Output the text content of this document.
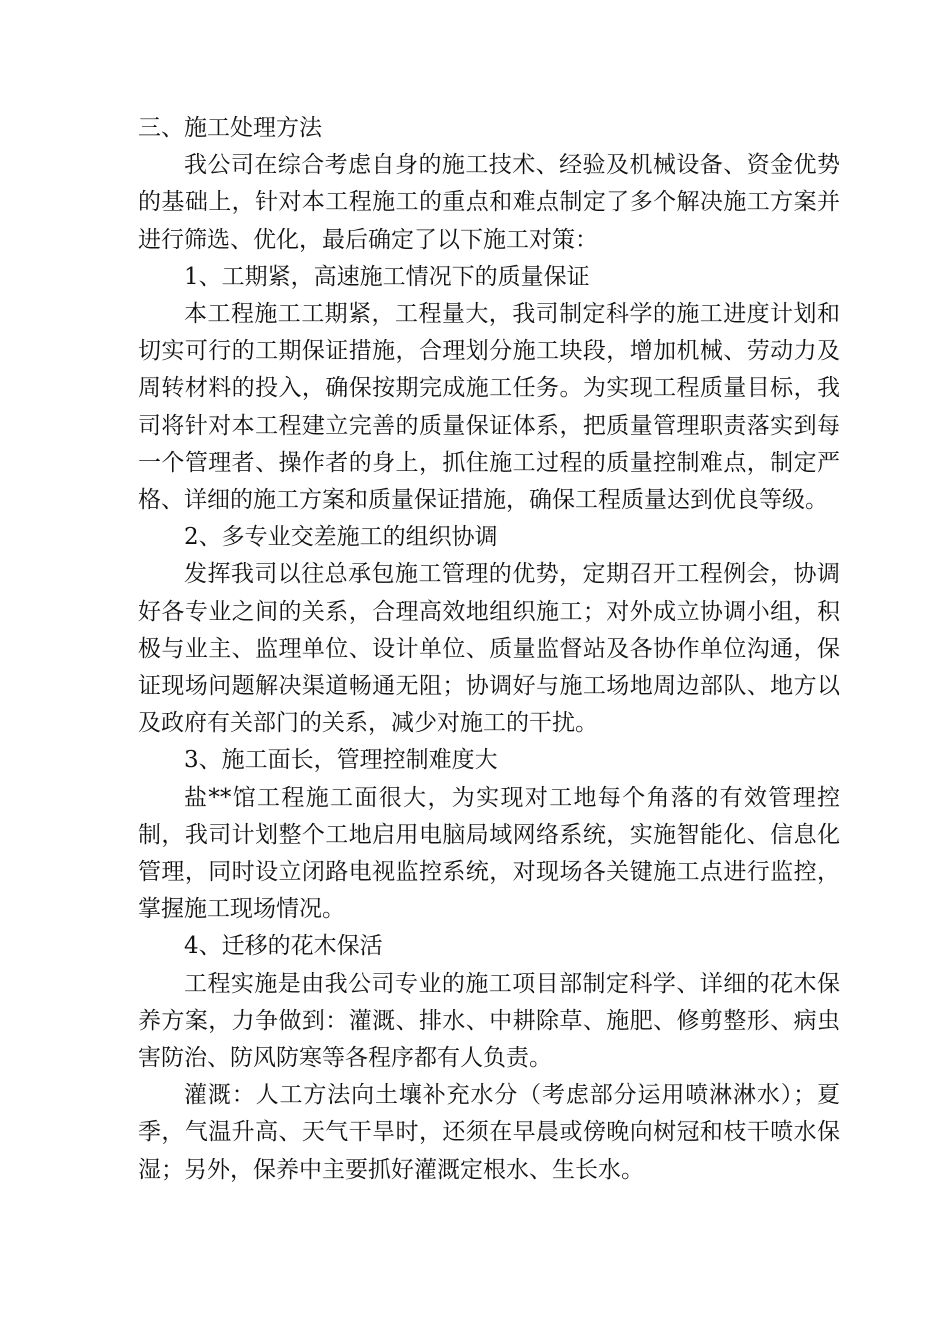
三、施工处理方法

我公司在综合考虑自身的施工技术、经验及机械设备、资金优势的基础上，针对本工程施工的重点和难点制定了多个解决施工方案并进行筛选、优化，最后确定了以下施工对策：

1、工期紧，高速施工情况下的质量保证

本工程施工工期紧，工程量大，我司制定科学的施工进度计划和切实可行的工期保证措施，合理划分施工块段，增加机械、劳动力及周转材料的投入，确保按期完成施工任务。为实现工程质量目标，我司将针对本工程建立完善的质量保证体系，把质量管理职责落实到每一个管理者、操作者的身上，抓住施工过程的质量控制难点，制定严格、详细的施工方案和质量保证措施，确保工程质量达到优良等级。

2、多专业交差施工的组织协调

发挥我司以往总承包施工管理的优势，定期召开工程例会，协调好各专业之间的关系，合理高效地组织施工；对外成立协调小组，积极与业主、监理单位、设计单位、质量监督站及各协作单位沟通，保证现场问题解决渠道畅通无阻；协调好与施工场地周边部队、地方以及政府有关部门的关系，减少对施工的干扰。

3、施工面长，管理控制难度大

盐**馆工程施工面很大，为实现对工地每个角落的有效管理控制，我司计划整个工地启用电脑局域网络系统，实施智能化、信息化管理，同时设立闭路电视监控系统，对现场各关键施工点进行监控，掌握施工现场情况。

4、迁移的花木保活

工程实施是由我公司专业的施工项目部制定科学、详细的花木保养方案，力争做到：灌溉、排水、中耕除草、施肥、修剪整形、病虫害防治、防风防寒等各程序都有人负责。

灌溉：人工方法向土壤补充水分（考虑部分运用喷淋淋水）；夏季，气温升高、天气干旱时，还须在早晨或傍晚向树冠和枝干喷水保湿；另外，保养中主要抓好灌溉定根水、生长水。
